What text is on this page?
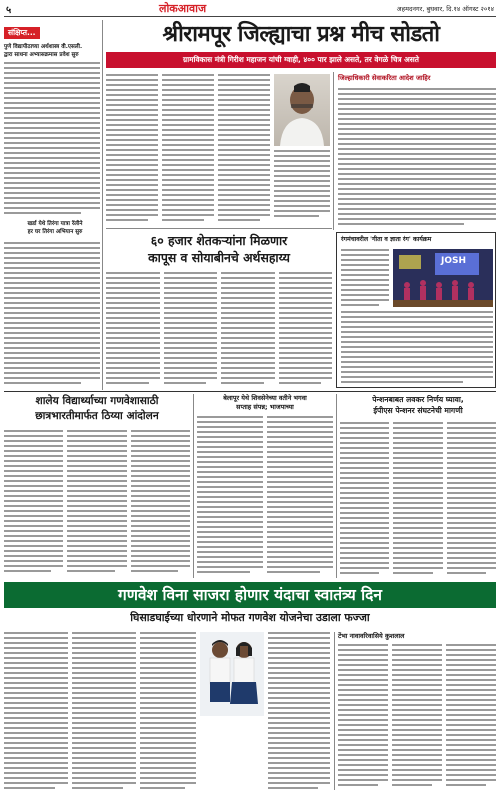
५	लोकआवाज	अहमदनगर, बुधवार, दि.१४ ऑगस्ट २०१४
संक्षिप्त...
पुणे विद्यापीठाच्या अर्थशास्त्र वी.एसली.
द्वारा साधना अभ्यासक्रमास प्रवेश सुरु
खर्डा येथे तिरंगा यात्रा रॅलीने
हर घर तिरंगा अभियान सुरु
श्रीरामपूर जिल्ह्याचा प्रश्न मीच सोडतो
ग्रामविकास मंत्री गिरीश महाजन यांची ग्वाही, ४०० पार झाले असते, तर वेगळे चित्र असते
जिल्हाधिकारी सेवाकरिता आदेश जाहिर
६० हजार शेतकऱ्यांना मिळणार
कापूस व सोयाबीनचे अर्थसहाय्य
रंगमंचावरील 'गीता व ज्ञाता रंग' कार्यक्रम
JOSH
शालेय विद्यार्थ्याच्या गणवेशासाठी
छात्रभारतीमार्फत ठिय्या आंदोलन
बेलापूर येथे शिवसेनेच्या वतीने भगवा
सप्ताह संपन्न; भाजपाच्या
पेन्शनबाबत लवकर निर्णय घ्यावा,
ईपीएस पेन्शनर संघटनेची मागणी
गणवेश विना साजरा होणार यंदाचा स्वातंत्र्य दिन
घिसाडघाईच्या धोरणाने मोफत गणवेश योजनेचा उडाला फज्जा
टेंभा नावावरिवासिये कुशलाल
